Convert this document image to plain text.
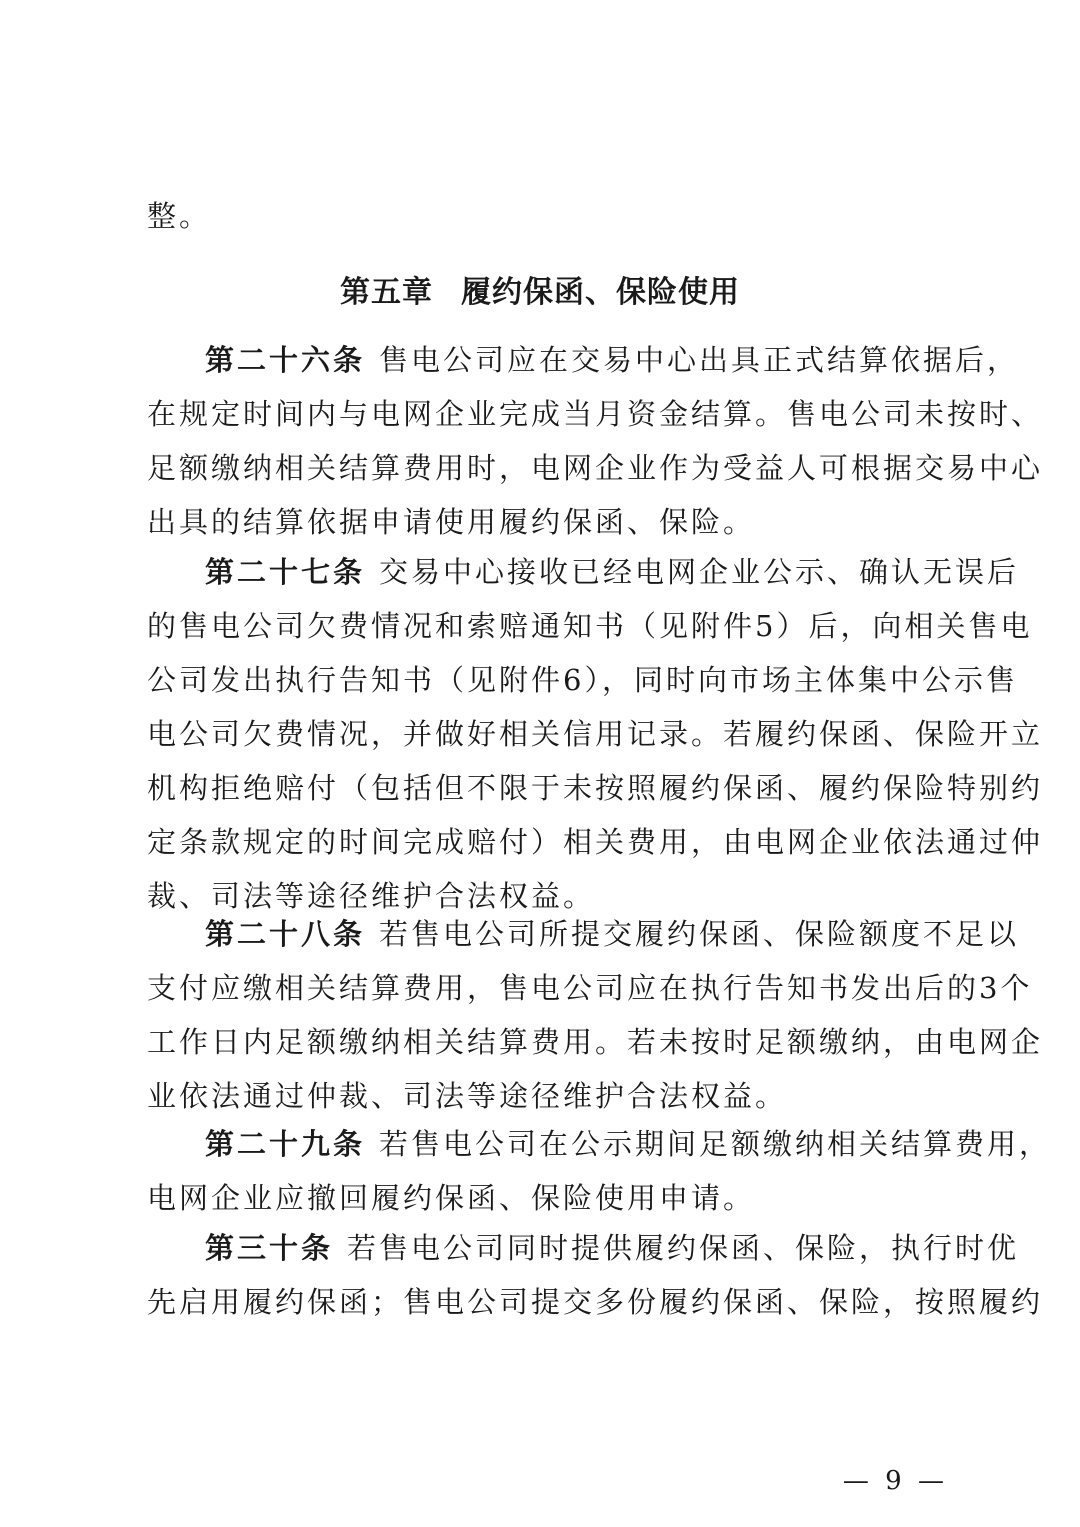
整。
第五章 履约保函、保险使用
第二十六条 售电公司应在交易中心出具正式结算依据后，
在规定时间内与电网企业完成当月资金结算。售电公司未按时、
足额缴纳相关结算费用时，电网企业作为受益人可根据交易中心
出具的结算依据申请使用履约保函、保险。
第二十七条 交易中心接收已经电网企业公示、确认无误后
的售电公司欠费情况和索赔通知书（见附件5）后，向相关售电
公司发出执行告知书（见附件6），同时向市场主体集中公示售
电公司欠费情况，并做好相关信用记录。若履约保函、保险开立
机构拒绝赔付（包括但不限于未按照履约保函、履约保险特别约
定条款规定的时间完成赔付）相关费用，由电网企业依法通过仲
裁、司法等途径维护合法权益。
第二十八条 若售电公司所提交履约保函、保险额度不足以
支付应缴相关结算费用，售电公司应在执行告知书发出后的3个
工作日内足额缴纳相关结算费用。若未按时足额缴纳，由电网企
业依法通过仲裁、司法等途径维护合法权益。
第二十九条 若售电公司在公示期间足额缴纳相关结算费用，
电网企业应撤回履约保函、保险使用申请。
第三十条 若售电公司同时提供履约保函、保险，执行时优
先启用履约保函；售电公司提交多份履约保函、保险，按照履约
— 9 —
